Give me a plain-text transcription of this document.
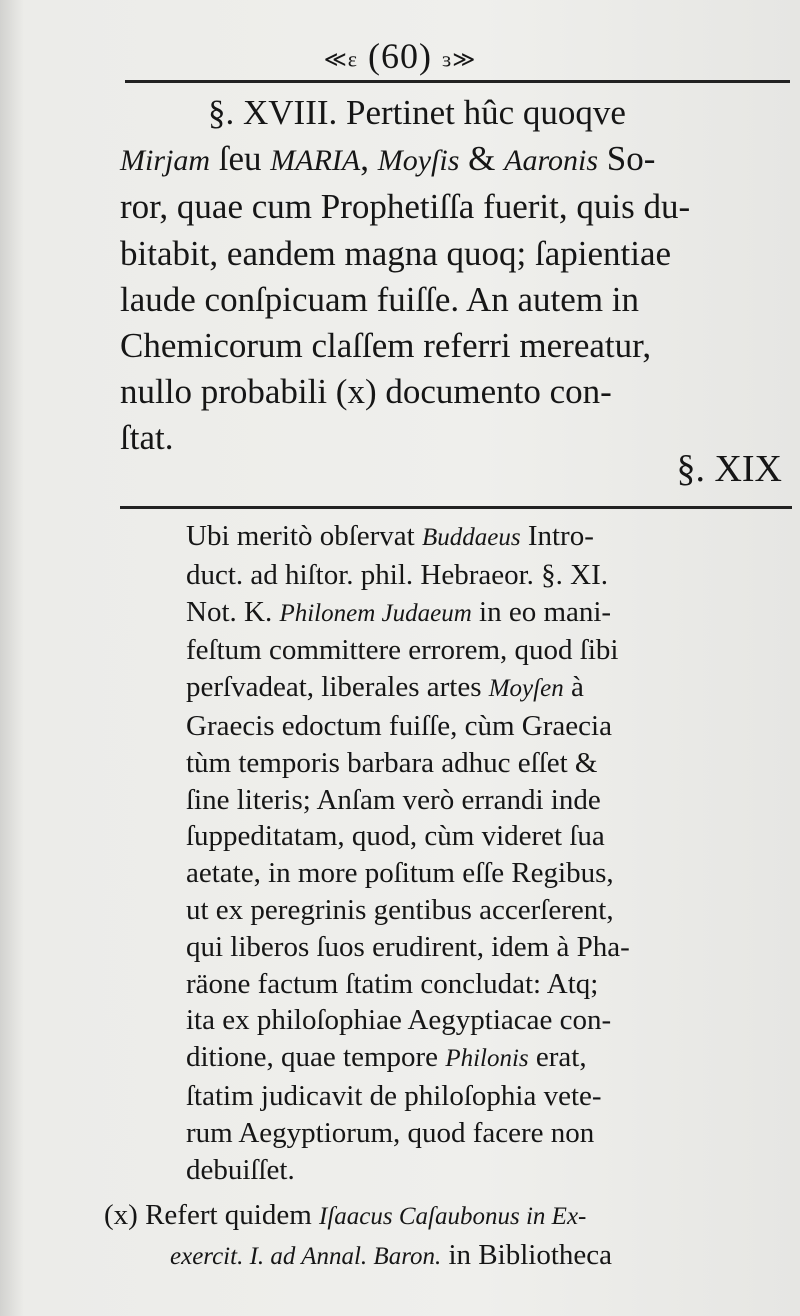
≪ɛ (60) ɜ≫
§. XVIII. Pertinet hûc quoqve
Mirjam ſeu MARIA, Moyſis & Aaronis So-
ror, quae cum Prophetiſſa fuerit, quis du-
bitabit, eandem magna quoq; ſapientiae
laude conſpicuam fuiſſe. An autem in
Chemicorum claſſem referri mereatur,
nullo probabili (x) documento con-
ſtat.
§. XIX
Ubi meritò obſervat Buddaeus Intro-
duct. ad hiſtor. phil. Hebraeor. §. XI.
Not. K. Philonem Judaeum in eo mani-
feſtum committere errorem, quod ſibi
perſvadeat, liberales artes Moyſen à
Graecis edoctum fuiſſe, cùm Graecia
tùm temporis barbara adhuc eſſet &
ſine literis; Anſam verò errandi inde
ſuppeditatam, quod, cùm videret ſua
aetate, in more poſitum eſſe Regibus,
ut ex peregrinis gentibus accerſerent,
qui liberos ſuos erudirent, idem à Pha-
räone factum ſtatim concludat: Atq;
ita ex philoſophiae Aegyptiacae con-
ditione, quae tempore Philonis erat,
ſtatim judicavit de philoſophia vete-
rum Aegyptiorum, quod facere non
debuiſſet.
(x) Refert quidem Iſaacus Caſaubonus in Ex-
exercit. I. ad Annal. Baron. in Bibliotheca
